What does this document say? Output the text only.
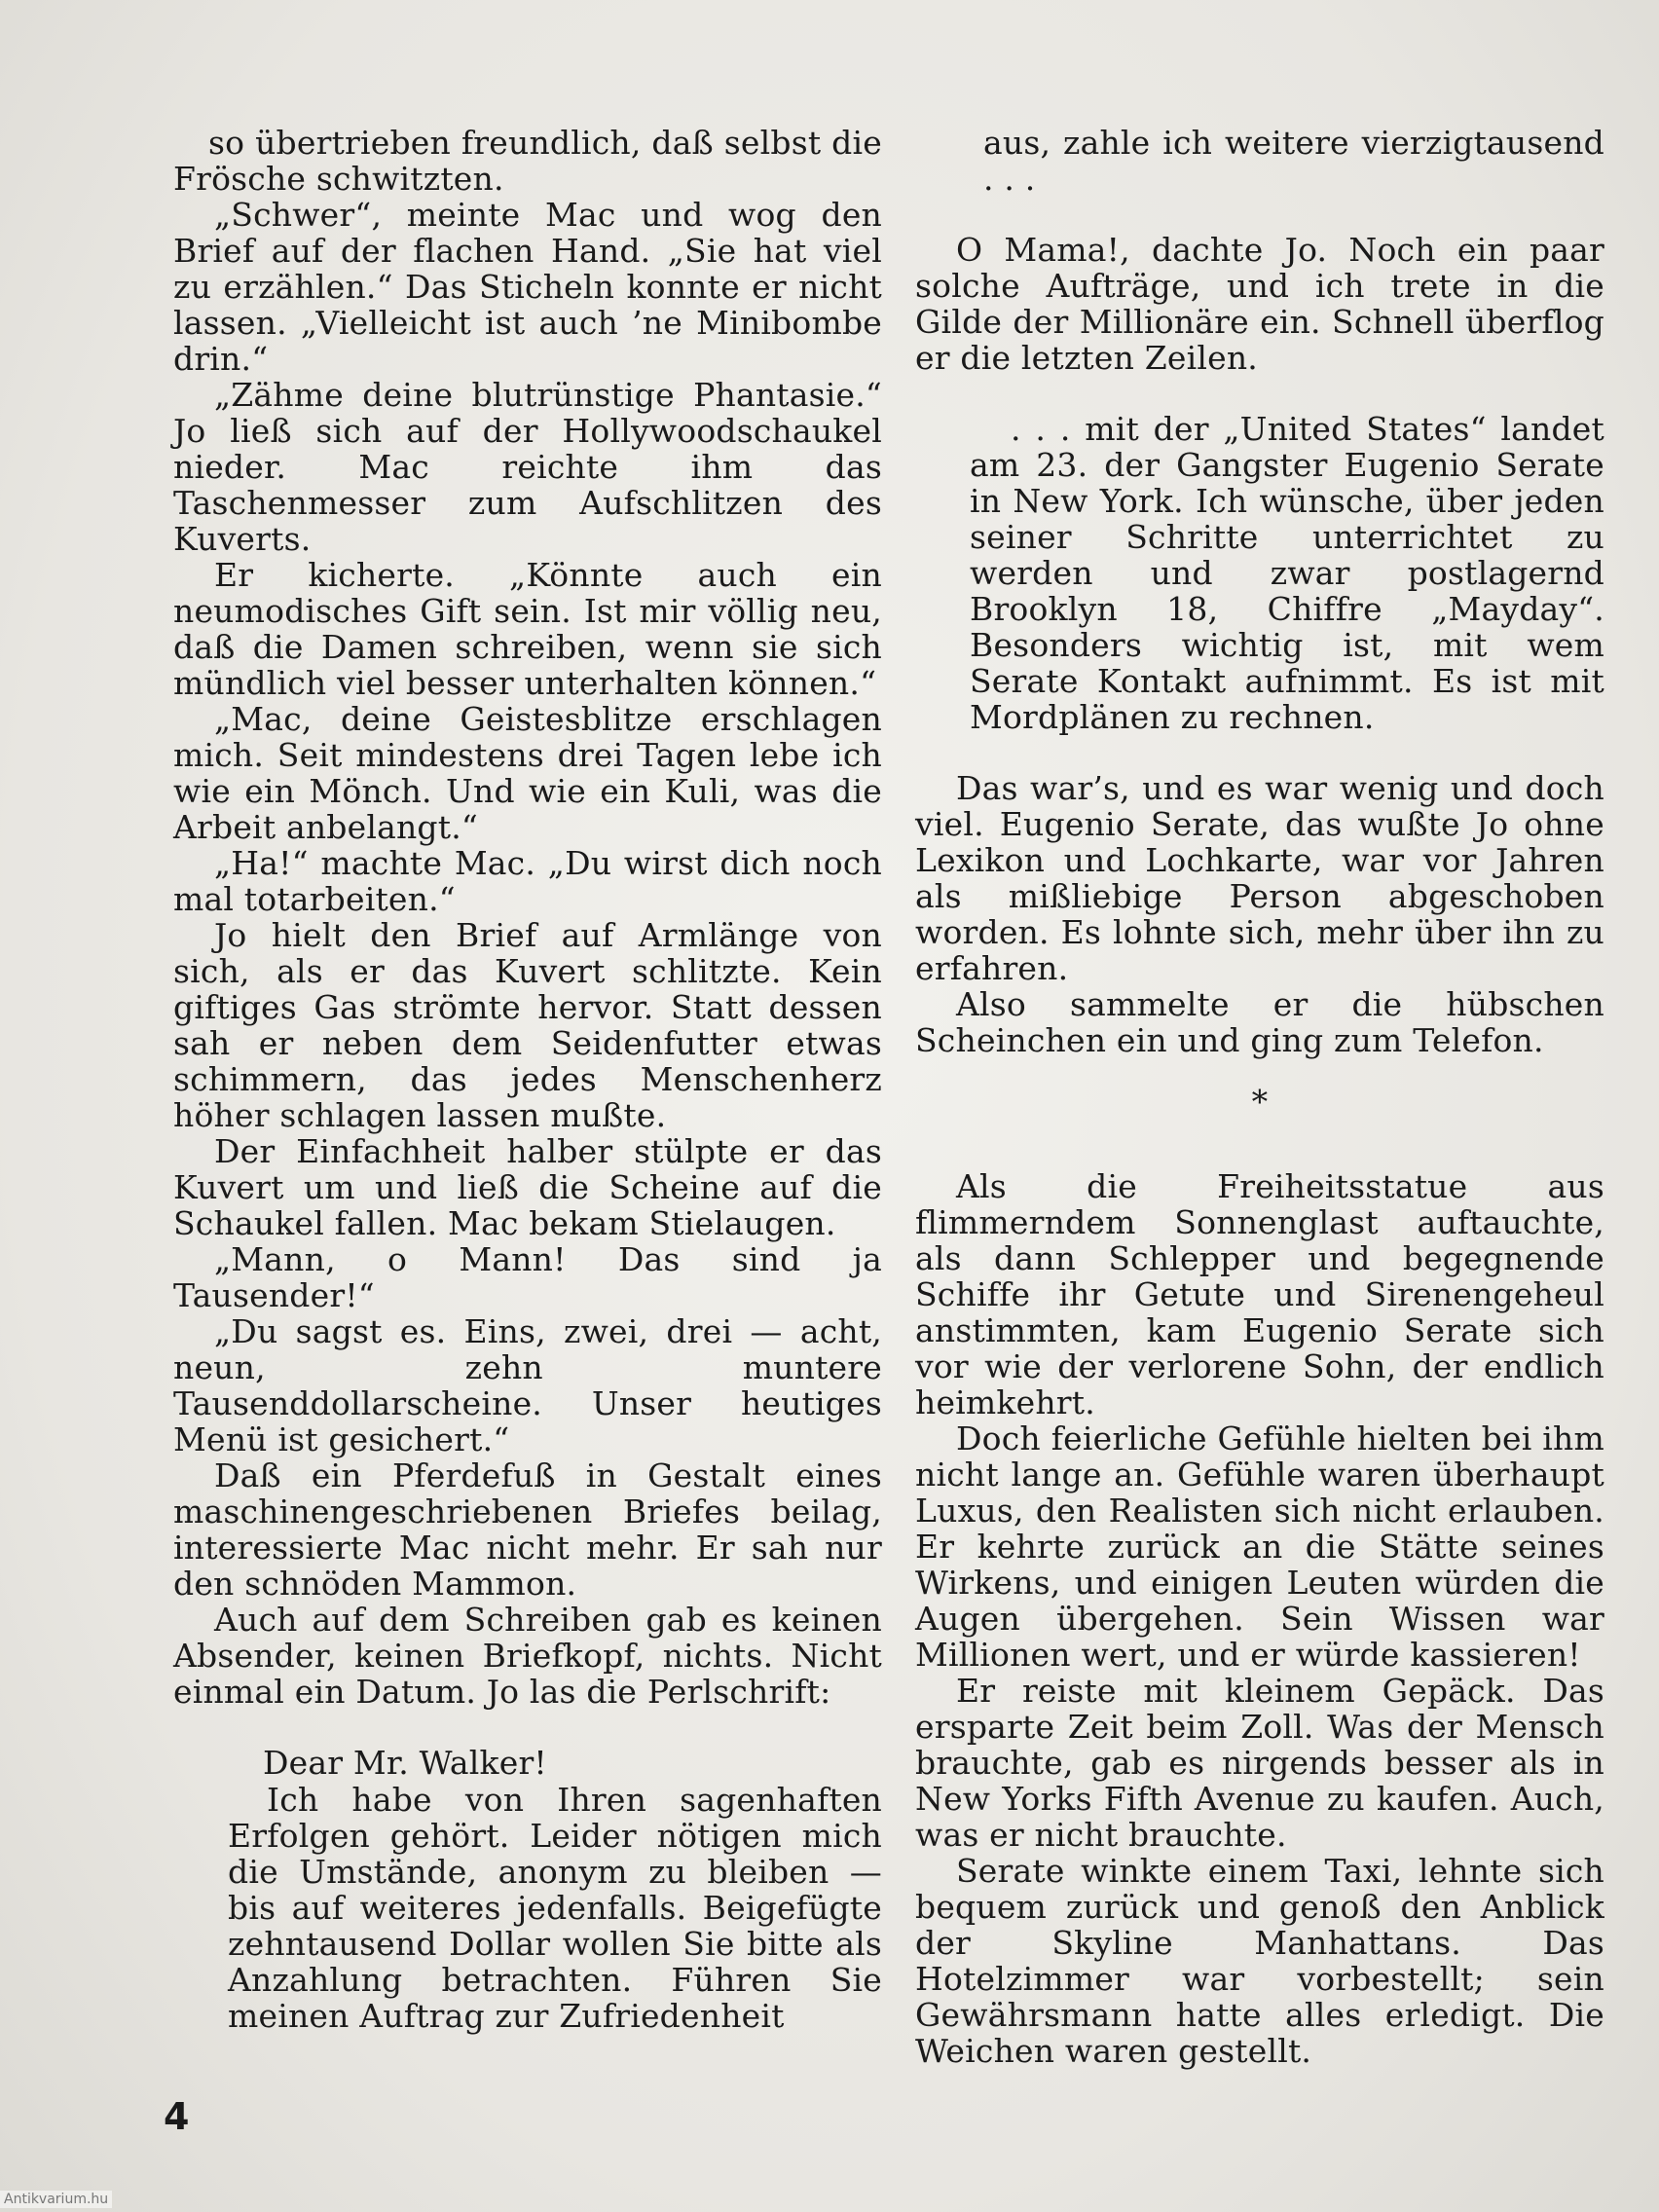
so übertrieben freundlich, daß selbst die Frösche schwitzten.

„Schwer“, meinte Mac und wog den Brief auf der flachen Hand. „Sie hat viel zu erzählen.“ Das Sticheln konnte er nicht lassen. „Vielleicht ist auch ’ne Minibombe drin.“

„Zähme deine blutrünstige Phantasie.“ Jo ließ sich auf der Hollywoodschaukel nieder. Mac reichte ihm das Taschenmesser zum Aufschlitzen des Kuverts.

Er kicherte. „Könnte auch ein neumodisches Gift sein. Ist mir völlig neu, daß die Damen schreiben, wenn sie sich mündlich viel besser unterhalten können.“

„Mac, deine Geistesblitze erschlagen mich. Seit mindestens drei Tagen lebe ich wie ein Mönch. Und wie ein Kuli, was die Arbeit anbelangt.“

„Ha!“ machte Mac. „Du wirst dich noch mal totarbeiten.“

Jo hielt den Brief auf Armlänge von sich, als er das Kuvert schlitzte. Kein giftiges Gas strömte hervor. Statt dessen sah er neben dem Seidenfutter etwas schimmern, das jedes Menschenherz höher schlagen lassen mußte.

Der Einfachheit halber stülpte er das Kuvert um und ließ die Scheine auf die Schaukel fallen. Mac bekam Stielaugen.

„Mann, o Mann! Das sind ja Tausender!“

„Du sagst es. Eins, zwei, drei — acht, neun, zehn muntere Tausenddollarscheine. Unser heutiges Menü ist gesichert.“

Daß ein Pferdefuß in Gestalt eines maschinengeschriebenen Briefes beilag, interessierte Mac nicht mehr. Er sah nur den schnöden Mammon.

Auch auf dem Schreiben gab es keinen Absender, keinen Briefkopf, nichts. Nicht einmal ein Datum. Jo las die Perlschrift:

Dear Mr. Walker!

Ich habe von Ihren sagenhaften Erfolgen gehört. Leider nötigen mich die Umstände, anonym zu bleiben — bis auf weiteres jedenfalls. Beigefügte zehntausend Dollar wollen Sie bitte als Anzahlung betrachten. Führen Sie meinen Auftrag zur Zufriedenheit

aus, zahle ich weitere vierzigtausend . . .

O Mama!, dachte Jo. Noch ein paar solche Aufträge, und ich trete in die Gilde der Millionäre ein. Schnell überflog er die letzten Zeilen.

. . . mit der „United States“ landet am 23. der Gangster Eugenio Serate in New York. Ich wünsche, über jeden seiner Schritte unterrichtet zu werden und zwar postlagernd Brooklyn 18, Chiffre „Mayday“. Besonders wichtig ist, mit wem Serate Kontakt aufnimmt. Es ist mit Mordplänen zu rechnen.

Das war’s, und es war wenig und doch viel. Eugenio Serate, das wußte Jo ohne Lexikon und Lochkarte, war vor Jahren als mißliebige Person abgeschoben worden. Es lohnte sich, mehr über ihn zu erfahren.

Also sammelte er die hübschen Scheinchen ein und ging zum Telefon.

*

Als die Freiheitsstatue aus flimmerndem Sonnenglast auftauchte, als dann Schlepper und begegnende Schiffe ihr Getute und Sirenengeheul anstimmten, kam Eugenio Serate sich vor wie der verlorene Sohn, der endlich heimkehrt.

Doch feierliche Gefühle hielten bei ihm nicht lange an. Gefühle waren überhaupt Luxus, den Realisten sich nicht erlauben. Er kehrte zurück an die Stätte seines Wirkens, und einigen Leuten würden die Augen übergehen. Sein Wissen war Millionen wert, und er würde kassieren!

Er reiste mit kleinem Gepäck. Das ersparte Zeit beim Zoll. Was der Mensch brauchte, gab es nirgends besser als in New Yorks Fifth Avenue zu kaufen. Auch, was er nicht brauchte.

Serate winkte einem Taxi, lehnte sich bequem zurück und genoß den Anblick der Skyline Manhattans. Das Hotelzimmer war vorbestellt; sein Gewährsmann hatte alles erledigt. Die Weichen waren gestellt.

4
Antikvarium.hu
